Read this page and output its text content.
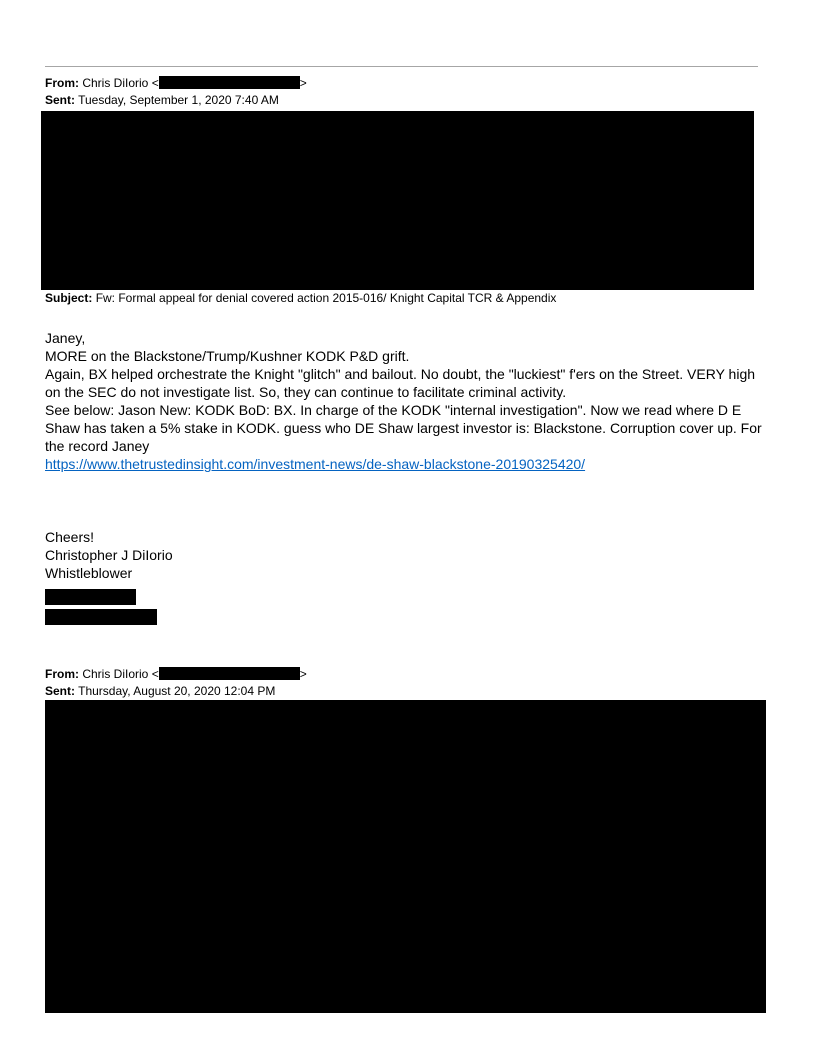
From: Chris DiIorio <	>
Sent: Tuesday, September 1, 2020 7:40 AM
Subject: Fw: Formal appeal for denial covered action 2015-016/ Knight Capital TCR & Appendix

Janey,

MORE on the Blackstone/Trump/Kushner KODK P&D grift.

Again, BX helped orchestrate the Knight "glitch" and bailout. No doubt, the "luckiest" f'ers on the Street. VERY high on the SEC do not investigate list. So, they can continue to facilitate criminal activity.

See below: Jason New: KODK BoD: BX. In charge of the KODK "internal investigation". Now we read where D E Shaw has taken a 5% stake in KODK. guess who DE Shaw largest investor is: Blackstone. Corruption cover up. For the record Janey

https://www.thetrustedinsight.com/investment-news/de-shaw-blackstone-20190325420/

Cheers!

Christopher J DiIorio

Whistleblower

From: Chris DiIorio <	>
Sent: Thursday, August 20, 2020 12:04 PM
